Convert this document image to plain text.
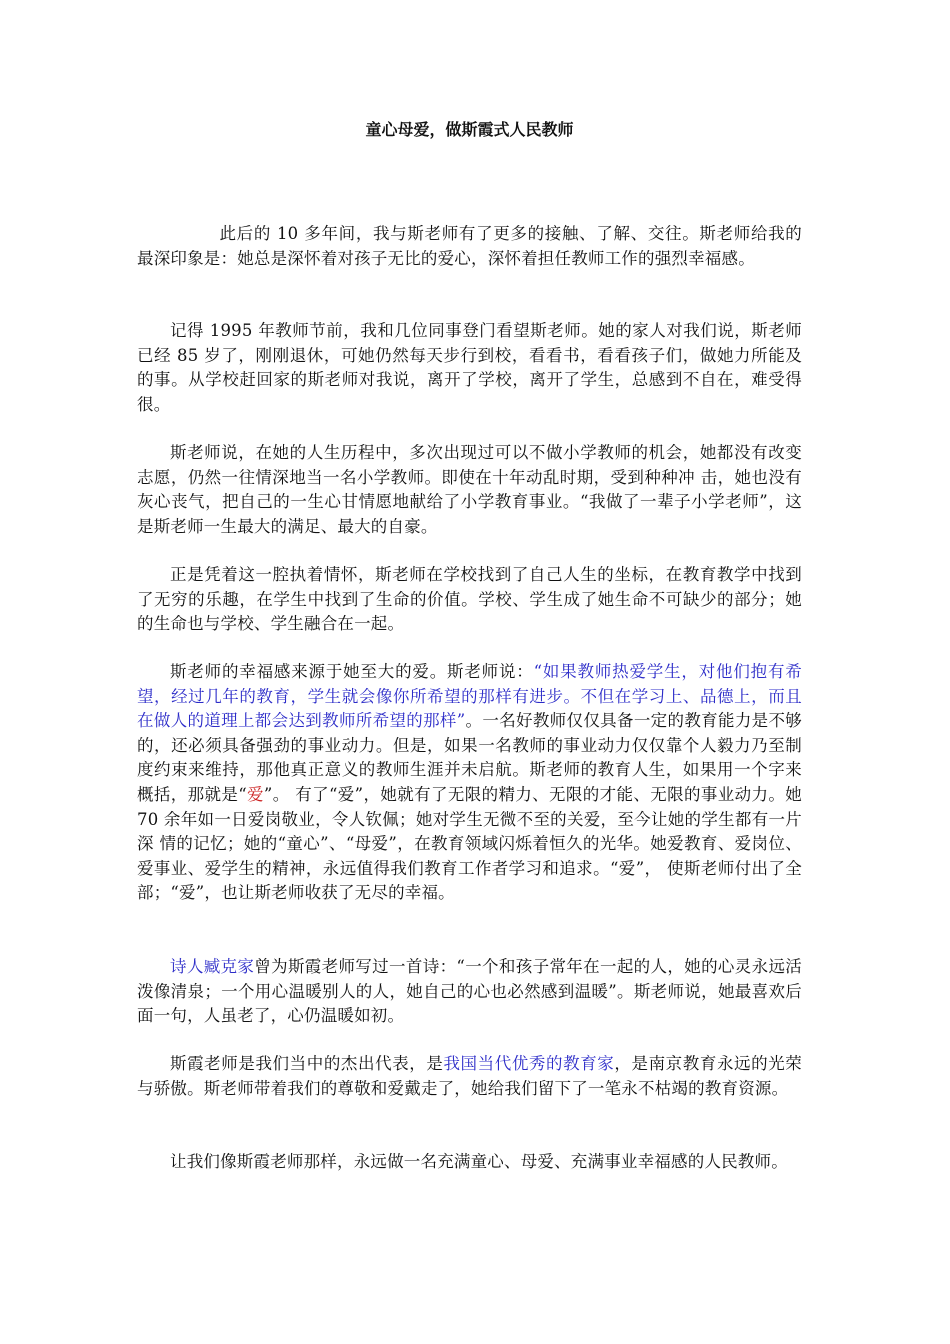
童心母爱，做斯霞式人民教师

此后的 10 多年间，我与斯老师有了更多的接触、了解、交往。斯老师给我的最深印象是：她总是深怀着对孩子无比的爱心，深怀着担任教师工作的强烈幸福感。

记得 1995 年教师节前，我和几位同事登门看望斯老师。她的家人对我们说，斯老师已经 85 岁了，刚刚退休，可她仍然每天步行到校，看看书，看看孩子们，做她力所能及的事。从学校赶回家的斯老师对我说，离开了学校，离开了学生，总感到不自在，难受得很。

斯老师说，在她的人生历程中，多次出现过可以不做小学教师的机会，她都没有改变志愿，仍然一往情深地当一名小学教师。即使在十年动乱时期，受到种种冲 击，她也没有灰心丧气，把自己的一生心甘情愿地献给了小学教育事业。“我做了一辈子小学老师”，这是斯老师一生最大的满足、最大的自豪。

正是凭着这一腔执着情怀，斯老师在学校找到了自己人生的坐标，在教育教学中找到了无穷的乐趣，在学生中找到了生命的价值。学校、学生成了她生命不可缺少的部分；她的生命也与学校、学生融合在一起。

斯老师的幸福感来源于她至大的爱。斯老师说：“如果教师热爱学生，对他们抱有希望，经过几年的教育，学生就会像你所希望的那样有进步。不但在学习上、品德上，而且在做人的道理上都会达到教师所希望的那样”。一名好教师仅仅具备一定的教育能力是不够的，还必须具备强劲的事业动力。但是，如果一名教师的事业动力仅仅靠个人毅力乃至制度约束来维持，那他真正意义的教师生涯并未启航。斯老师的教育人生，如果用一个字来概括，那就是“爱”。 有了“爱”，她就有了无限的精力、无限的才能、无限的事业动力。她 70 余年如一日爱岗敬业，令人钦佩；她对学生无微不至的关爱，至今让她的学生都有一片深 情的记忆；她的“童心”、“母爱”，在教育领域闪烁着恒久的光华。她爱教育、爱岗位、爱事业、爱学生的精神，永远值得我们教育工作者学习和追求。“爱”， 使斯老师付出了全部；“爱”，也让斯老师收获了无尽的幸福。

诗人臧克家曾为斯霞老师写过一首诗：“一个和孩子常年在一起的人，她的心灵永远活泼像清泉；一个用心温暖别人的人，她自己的心也必然感到温暖”。斯老师说，她最喜欢后面一句，人虽老了，心仍温暖如初。

斯霞老师是我们当中的杰出代表，是我国当代优秀的教育家，是南京教育永远的光荣与骄傲。斯老师带着我们的尊敬和爱戴走了，她给我们留下了一笔永不枯竭的教育资源。

让我们像斯霞老师那样，永远做一名充满童心、母爱、充满事业幸福感的人民教师。
